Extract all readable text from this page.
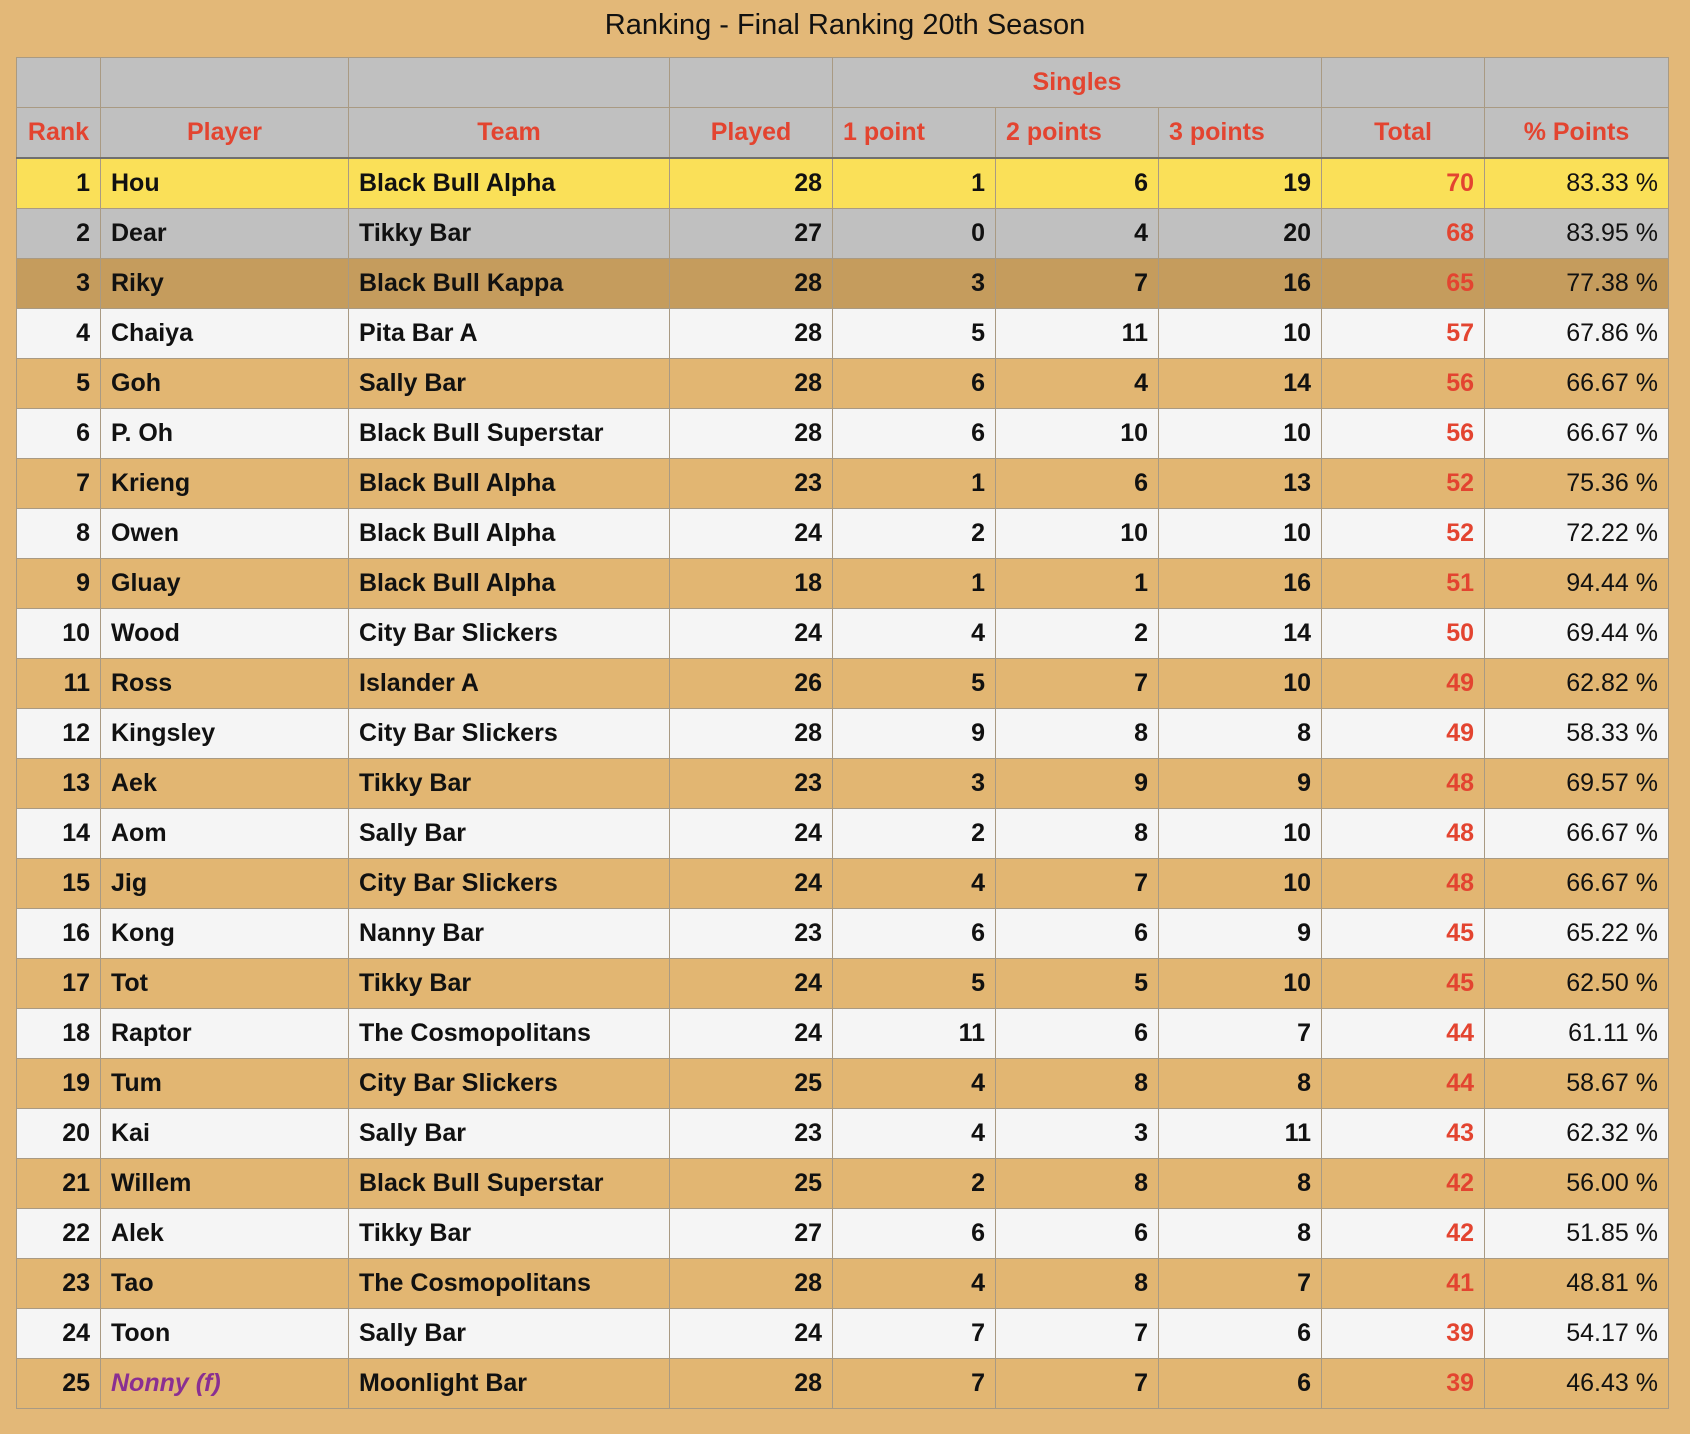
Ranking - Final Ranking 20th Season
				Singles				
Rank	Player	Team	Played	1 point	2 points	3 points	Total	% Points
1	Hou	Black Bull Alpha	28	1	6	19	70	83.33 %
2	Dear	Tikky Bar	27	0	4	20	68	83.95 %
3	Riky	Black Bull Kappa	28	3	7	16	65	77.38 %
4	Chaiya	Pita Bar A	28	5	11	10	57	67.86 %
5	Goh	Sally Bar	28	6	4	14	56	66.67 %
6	P. Oh	Black Bull Superstar	28	6	10	10	56	66.67 %
7	Krieng	Black Bull Alpha	23	1	6	13	52	75.36 %
8	Owen	Black Bull Alpha	24	2	10	10	52	72.22 %
9	Gluay	Black Bull Alpha	18	1	1	16	51	94.44 %
10	Wood	City Bar Slickers	24	4	2	14	50	69.44 %
11	Ross	Islander A	26	5	7	10	49	62.82 %
12	Kingsley	City Bar Slickers	28	9	8	8	49	58.33 %
13	Aek	Tikky Bar	23	3	9	9	48	69.57 %
14	Aom	Sally Bar	24	2	8	10	48	66.67 %
15	Jig	City Bar Slickers	24	4	7	10	48	66.67 %
16	Kong	Nanny Bar	23	6	6	9	45	65.22 %
17	Tot	Tikky Bar	24	5	5	10	45	62.50 %
18	Raptor	The Cosmopolitans	24	11	6	7	44	61.11 %
19	Tum	City Bar Slickers	25	4	8	8	44	58.67 %
20	Kai	Sally Bar	23	4	3	11	43	62.32 %
21	Willem	Black Bull Superstar	25	2	8	8	42	56.00 %
22	Alek	Tikky Bar	27	6	6	8	42	51.85 %
23	Tao	The Cosmopolitans	28	4	8	7	41	48.81 %
24	Toon	Sally Bar	24	7	7	6	39	54.17 %
25	Nonny (f)	Moonlight Bar	28	7	7	6	39	46.43 %
